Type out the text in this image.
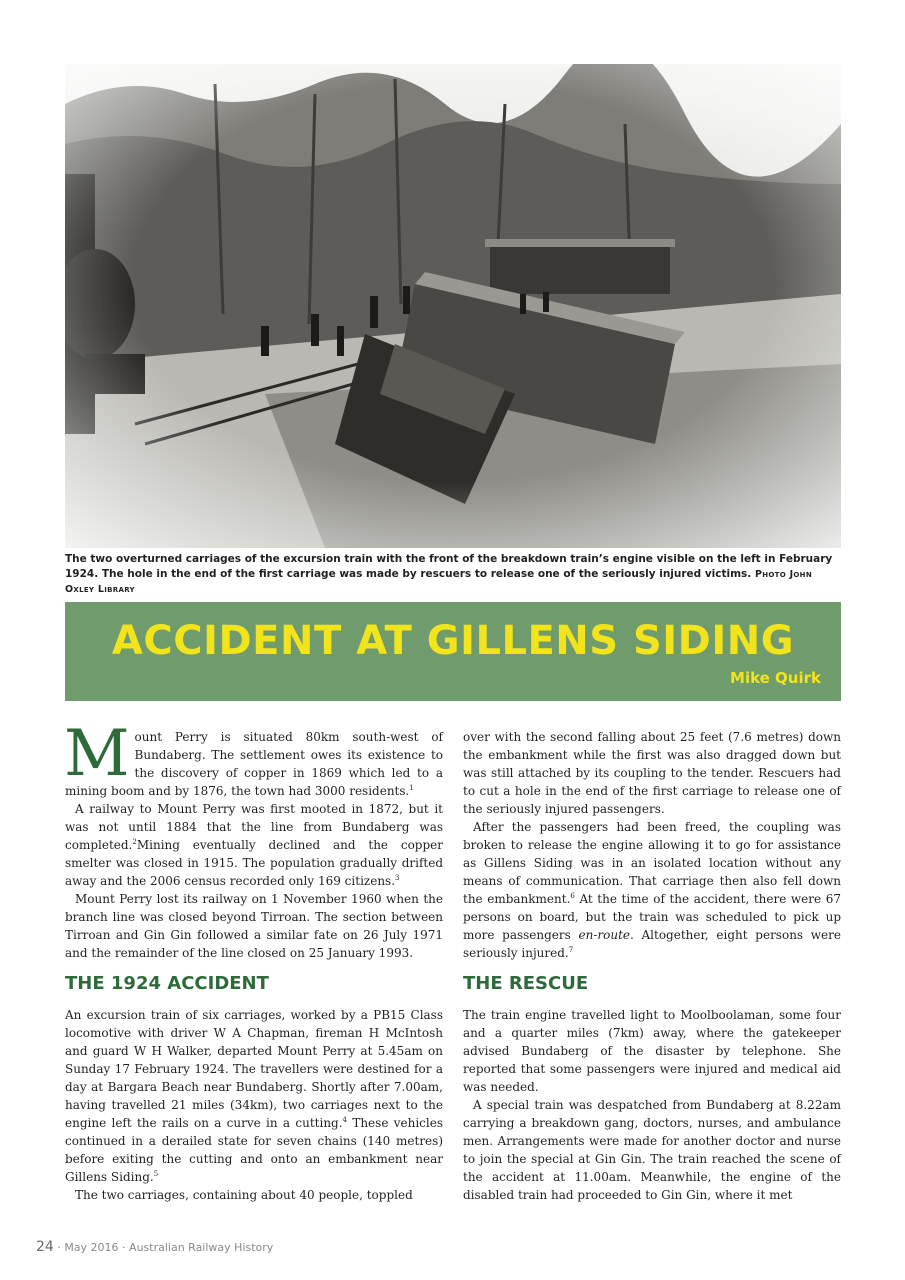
The two overturned carriages of the excursion train with the front of the breakdown train’s engine visible on the left in February 1924. The hole in the end of the first carriage was made by rescuers to release one of the seriously injured victims. Photo John Oxley Library
ACCIDENT AT GILLENS SIDING
Mike Quirk

Mount Perry is situated 80km south-west of Bundaberg. The settlement owes its existence to the discovery of copper in 1869 which led to a mining boom and by 1876, the town had 3000 residents.$^1$

A railway to Mount Perry was first mooted in 1872, but it was not until 1884 that the line from Bundaberg was completed.$^2$Mining eventually declined and the copper smelter was closed in 1915. The population gradually drifted away and the 2006 census recorded only 169 citizens.$^3$

Mount Perry lost its railway on 1 November 1960 when the branch line was closed beyond Tirroan. The section between Tirroan and Gin Gin followed a similar fate on 26 July 1971 and the remainder of the line closed on 25 January 1993.

THE 1924 ACCIDENT

An excursion train of six carriages, worked by a PB15 Class locomotive with driver W A Chapman, fireman H McIntosh and guard W H Walker, departed Mount Perry at 5.45am on Sunday 17 February 1924. The travellers were destined for a day at Bargara Beach near Bundaberg. Shortly after 7.00am, having travelled 21 miles (34km), two carriages next to the engine left the rails on a curve in a cutting.$^4$ These vehicles continued in a derailed state for seven chains (140 metres) before exiting the cutting and onto an embankment near Gillens Siding.$^5$

The two carriages, containing about 40 people, toppled

over with the second falling about 25 feet (7.6 metres) down the embankment while the first was also dragged down but was still attached by its coupling to the tender. Rescuers had to cut a hole in the end of the first carriage to release one of the seriously injured passengers.

After the passengers had been freed, the coupling was broken to release the engine allowing it to go for assistance as Gillens Siding was in an isolated location without any means of communication. That carriage then also fell down the embankment.$^6$ At the time of the accident, there were 67 persons on board, but the train was scheduled to pick up more passengers en-route. Altogether, eight persons were seriously injured.$^7$

THE RESCUE

The train engine travelled light to Moolboolaman, some four and a quarter miles (7km) away, where the gatekeeper advised Bundaberg of the disaster by telephone. She reported that some passengers were injured and medical aid was needed.

A special train was despatched from Bundaberg at 8.22am carrying a breakdown gang, doctors, nurses, and ambulance men. Arrangements were made for another doctor and nurse to join the special at Gin Gin. The train reached the scene of the accident at 11.00am. Meanwhile, the engine of the disabled train had proceeded to Gin Gin, where it met

24 · May 2016 · Australian Railway History
